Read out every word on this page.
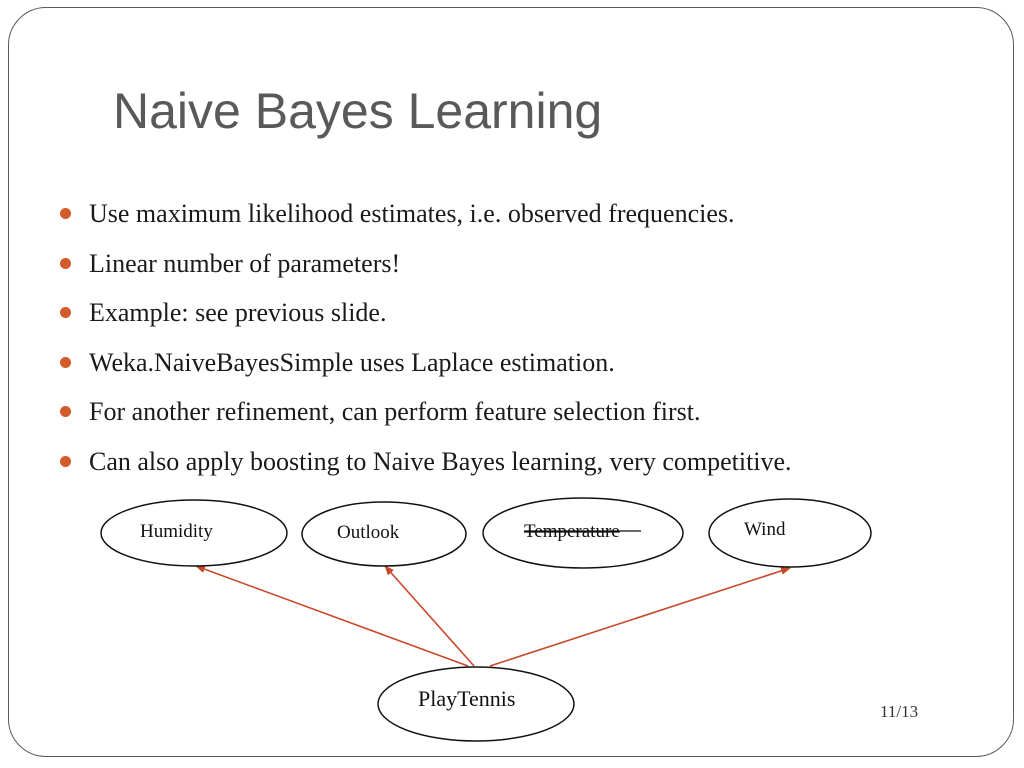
Naive Bayes Learning
Use maximum likelihood estimates, i.e. observed frequencies.
Linear number of parameters!
Example: see previous slide.
Weka.NaiveBayesSimple uses Laplace estimation.
For another refinement, can perform feature selection first.
Can also apply boosting to Naive Bayes learning, very competitive.
Humidity	Outlook	Temperature	Wind
PlayTennis
11/13
